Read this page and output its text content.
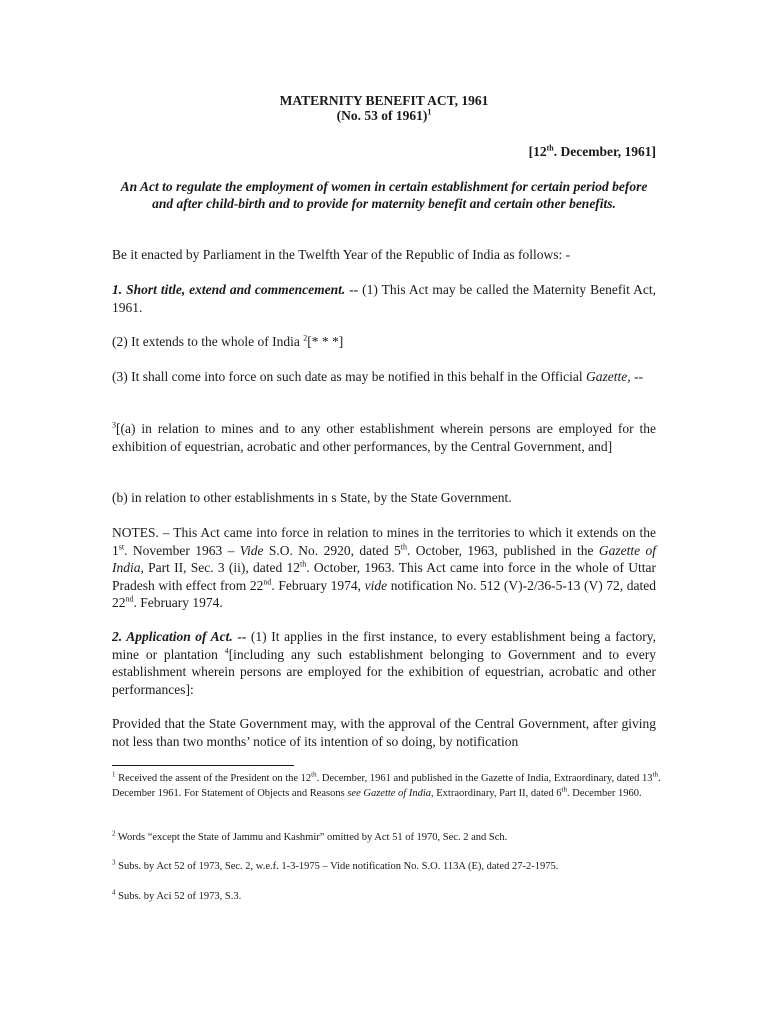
MATERNITY BENEFIT ACT, 1961
(No. 53 of 1961)$^1$
[12th. December, 1961]
An Act to regulate the employment of women in certain establishment for certain period before and after child-birth and to provide for maternity benefit and certain other benefits.

Be it enacted by Parliament in the Twelfth Year of the Republic of India as follows: -

1. Short title, extend and commencement. -- (1) This Act may be called the Maternity Benefit Act, 1961.

(2) It extends to the whole of India $^2$[* * *]

(3) It shall come into force on such date as may be notified in this behalf in the Official Gazette, --

$^3$[(a) in relation to mines and to any other establishment wherein persons are employed for the exhibition of equestrian, acrobatic and other performances, by the Central Government, and]

(b) in relation to other establishments in s State, by the State Government.

NOTES. – This Act came into force in relation to mines in the territories to which it extends on the 1st. November 1963 – Vide S.O. No. 2920, dated 5th. October, 1963, published in the Gazette of India, Part II, Sec. 3 (ii), dated 12th. October, 1963. This Act came into force in the whole of Uttar Pradesh with effect from 22nd. February 1974, vide notification No. 512 (V)-2/36-5-13 (V) 72, dated 22nd. February 1974.

2. Application of Act. -- (1) It applies in the first instance, to every establishment being a factory, mine or plantation $^4$[including any such establishment belonging to Government and to every establishment wherein persons are employed for the exhibition of equestrian, acrobatic and other performances]:

Provided that the State Government may, with the approval of the Central Government, after giving not less than two months’ notice of its intention of so doing, by notification

$^1$ Received the assent of the President on the 12th. December, 1961 and published in the Gazette of India, Extraordinary, dated 13th. December 1961. For Statement of Objects and Reasons see Gazette of India, Extraordinary, Part II, dated 6th. December 1960.

$^2$ Words “except the State of Jammu and Kashmir” omitted by Act 51 of 1970, Sec. 2 and Sch.

$^3$ Subs. by Act 52 of 1973, Sec. 2, w.e.f. 1-3-1975 – Vide notification No. S.O. 113A (E), dated 27-2-1975.

$^4$ Subs. by Aci 52 of 1973, S.3.
